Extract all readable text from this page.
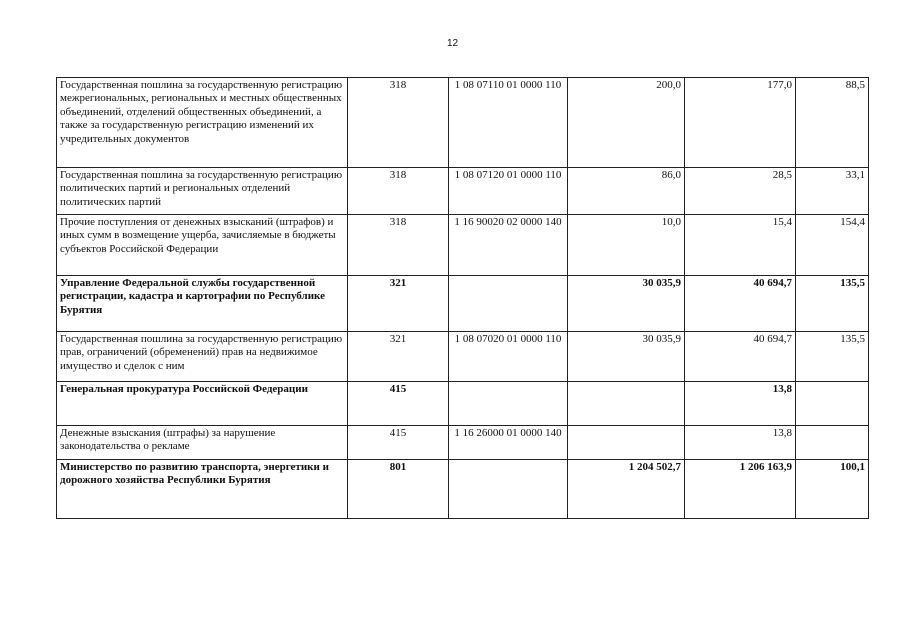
12
Государственная пошлина за государственную регистрацию межрегиональных, региональных и местных общественных объединений, отделений общественных объединений, а также за государственную регистрацию изменений их учредительных документов	318	1 08 07110 01 0000 110	200,0	177,0	88,5
Государственная пошлина за государственную регистрацию политических партий и региональных отделений политических партий	318	1 08 07120 01 0000 110	86,0	28,5	33,1
Прочие поступления от денежных взысканий (штрафов) и иных сумм в возмещение ущерба, зачисляемые в бюджеты субъектов Российской Федерации	318	1 16 90020 02 0000 140	10,0	15,4	154,4
Управление Федеральной службы государственной регистрации, кадастра и картографии по Республике Бурятия	321		30 035,9	40 694,7	135,5
Государственная пошлина за государственную регистрацию прав, ограничений (обременений) прав на недвижимое имущество и сделок с ним	321	1 08 07020 01 0000 110	30 035,9	40 694,7	135,5
Генеральная прокуратура Российской Федерации	415			13,8	
Денежные взыскания (штрафы) за нарушение законодательства о рекламе	415	1 16 26000 01 0000 140		13,8	
Министерство по развитию транспорта, энергетики и дорожного хозяйства Республики Бурятия	801		1 204 502,7	1 206 163,9	100,1
